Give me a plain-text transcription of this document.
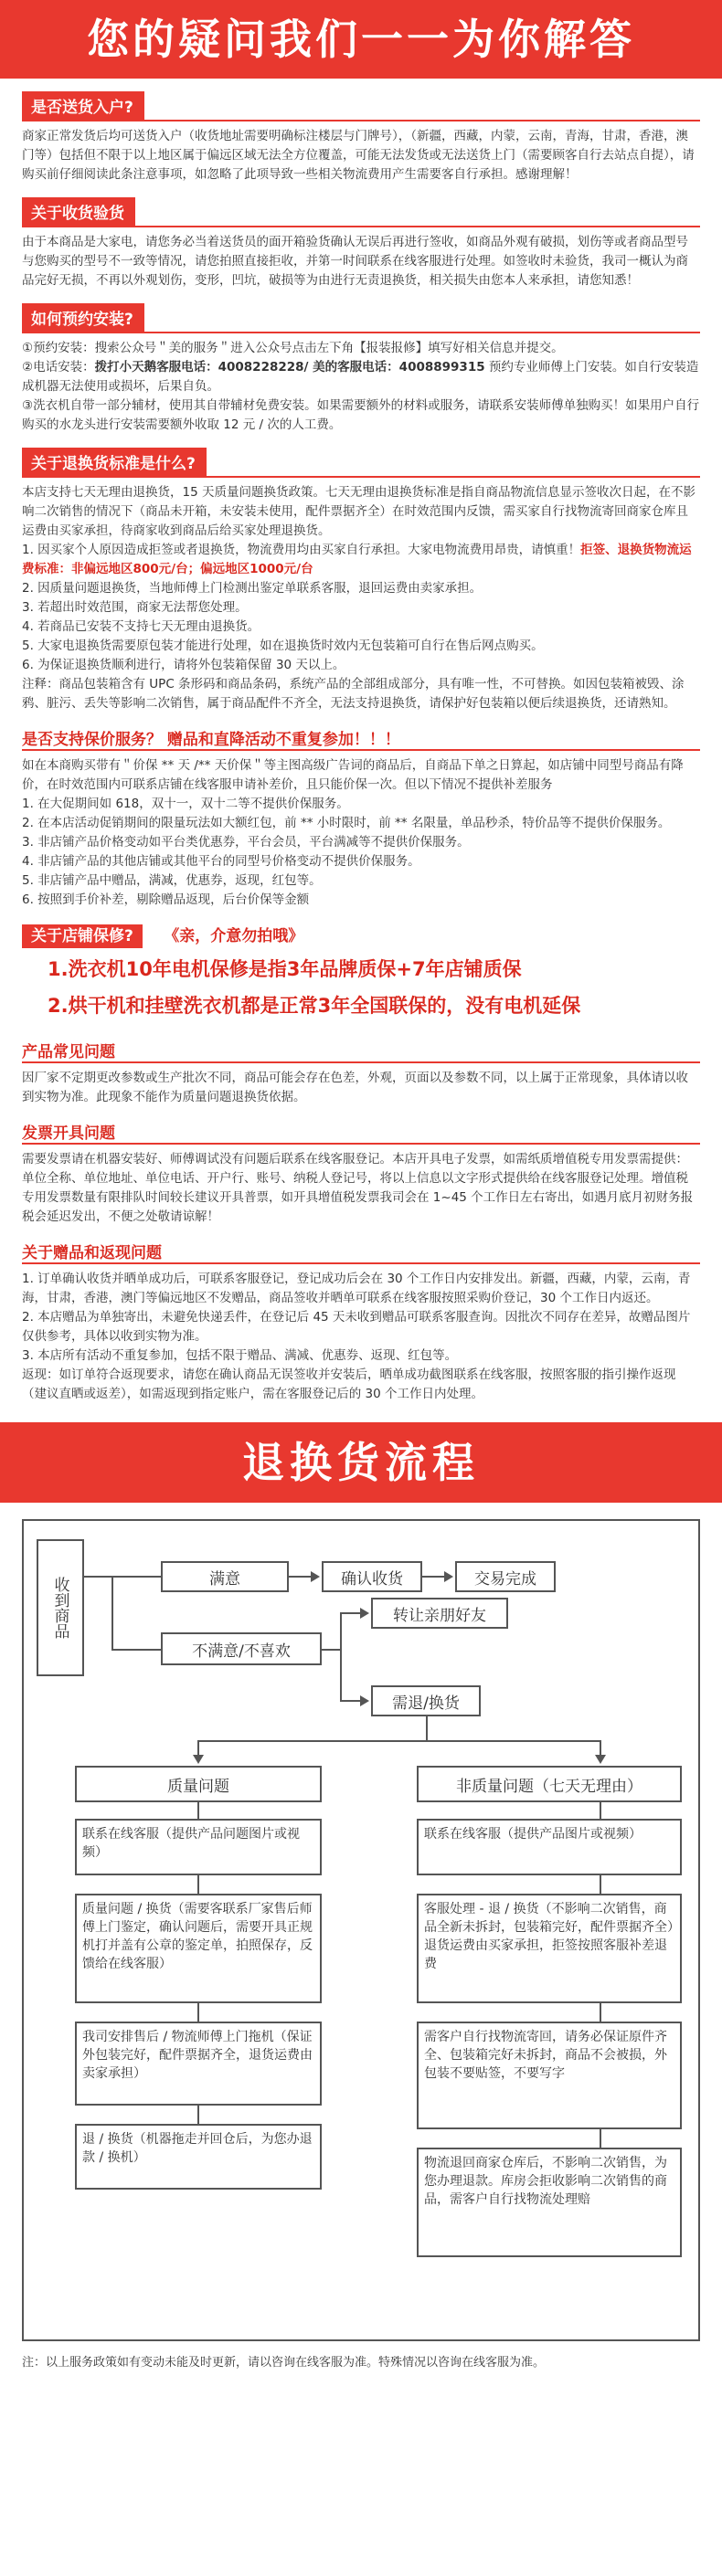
您的疑问我们一一为你解答
是否送货入户?
商家正常发货后均可送货入户（收货地址需要明确标注楼层与门牌号），（新疆，西藏，内蒙，云南，青海，甘肃，香港，澳门等）包括但不限于以上地区属于偏远区域无法全方位覆盖，可能无法发货或无法送货上门（需要顾客自行去站点自提），请购买前仔细阅读此条注意事项，如忽略了此项导致一些相关物流费用产生需要客自行承担。感谢理解！
关于收货验货
由于本商品是大家电，请您务必当着送货员的面开箱验货确认无误后再进行签收，如商品外观有破损，划伤等或者商品型号与您购买的型号不一致等情况，请您拍照直接拒收，并第一时间联系在线客服进行处理。如签收时未验货，我司一概认为商品完好无损，不再以外观划伤，变形，凹坑，破损等为由进行无责退换货，相关损失由您本人来承担，请您知悉！
如何预约安装?

①预约安装：搜索公众号＂美的服务＂进入公众号点击左下角【报装报修】填写好相关信息并提交。

②电话安装：拨打小天鹅客服电话：4008228228/ 美的客服电话：4008899315 预约专业师傅上门安装。如自行安装造成机器无法使用或损坏，后果自负。

③洗衣机自带一部分辅材，使用其自带辅材免费安装。如果需要额外的材料或服务，请联系安装师傅单独购买！如果用户自行购买的水龙头进行安装需要额外收取 12 元 / 次的人工费。

关于退换货标准是什么?

本店支持七天无理由退换货，15 天质量问题换货政策。七天无理由退换货标准是指自商品物流信息显示签收次日起，在不影响二次销售的情况下（商品未开箱，未安装未使用，配件票据齐全）在时效范围内反馈，需买家自行找物流寄回商家仓库且运费由买家承担，待商家收到商品后给买家处理退换货。

1. 因买家个人原因造成拒签或者退换货，物流费用均由买家自行承担。大家电物流费用昂贵，请慎重！拒签、退换货物流运费标准：非偏远地区800元/台；偏远地区1000元/台

2. 因质量问题退换货，当地师傅上门检测出鉴定单联系客服，退回运费由卖家承担。

3. 若超出时效范围，商家无法帮您处理。

4. 若商品已安装不支持七天无理由退换货。

5. 大家电退换货需要原包装才能进行处理，如在退换货时效内无包装箱可自行在售后网点购买。

6. 为保证退换货顺利进行，请将外包装箱保留 30 天以上。

注释：商品包装箱含有 UPC 条形码和商品条码，系统产品的全部组成部分，具有唯一性，不可替换。如因包装箱被毁、涂鸦、脏污、丢失等影响二次销售，属于商品配件不齐全，无法支持退换货，请保护好包装箱以便后续退换货，还请熟知。

是否支持保价服务？ 赠品和直降活动不重复参加！！！

如在本商购买带有＂价保 ** 天 /** 天价保＂等主图高级广告词的商品后，自商品下单之日算起，如店铺中同型号商品有降价，在时效范围内可联系店铺在线客服申请补差价，且只能价保一次。但以下情况不提供补差服务

1. 在大促期间如 618，双十一，双十二等不提供价保服务。

2. 在本店活动促销期间的限量玩法如大额红包，前 ** 小时限时，前 ** 名限量，单品秒杀，特价品等不提供价保服务。

3. 非店铺产品价格变动如平台类优惠券，平台会员，平台满减等不提供价保服务。

4. 非店铺产品的其他店铺或其他平台的同型号价格变动不提供价保服务。

5. 非店铺产品中赠品，满减，优惠券，返现，红包等。

6. 按照到手价补差，剔除赠品返现，后台价保等金额

关于店铺保修? 《亲，介意勿拍哦》
1.洗衣机10年电机保修是指3年品牌质保+7年店铺质保
2.烘干机和挂壁洗衣机都是正常3年全国联保的，没有电机延保
产品常见问题
因厂家不定期更改参数或生产批次不同，商品可能会存在色差，外观，页面以及参数不同，以上属于正常现象，具体请以收到实物为准。此现象不能作为质量问题退换货依据。
发票开具问题
需要发票请在机器安装好、师傅调试没有问题后联系在线客服登记。本店开具电子发票，如需纸质增值税专用发票需提供：单位全称、单位地址、单位电话、开户行、账号、纳税人登记号，将以上信息以文字形式提供给在线客服登记处理。增值税专用发票数量有限排队时间较长建议开具普票，如开具增值税发票我司会在 1~45 个工作日左右寄出，如遇月底月初财务报税会延迟发出，不便之处敬请谅解！
关于赠品和返现问题

1. 订单确认收货并晒单成功后，可联系客服登记，登记成功后会在 30 个工作日内安排发出。新疆，西藏，内蒙，云南，青海，甘肃，香港，澳门等偏远地区不发赠品，商品签收并晒单可联系在线客服按照采购价登记，30 个工作日内返还。

2. 本店赠品为单独寄出，未避免快递丢件，在登记后 45 天未收到赠品可联系客服查询。因批次不同存在差异，故赠品图片仅供参考，具体以收到实物为准。

3. 本店所有活动不重复参加，包括不限于赠品、满减、优惠券、返现、红包等。

返现：如订单符合返现要求，请您在确认商品无误签收并安装后，晒单成功截图联系在线客服，按照客服的指引操作返现（建议直晒或返差），如需返现到指定账户，需在客服登记后的 30 个工作日内处理。

退换货流程
收到商品	满意	确认收货	交易完成
不满意/不喜欢
转让亲朋好友
需退/换货
质量问题	非质量问题（七天无理由）
联系在线客服（提供产品问题图片或视频）
质量问题 / 换货（需要客联系厂家售后师傅上门鉴定，确认问题后，需要开具正规机打并盖有公章的鉴定单，拍照保存，反馈给在线客服）
我司安排售后 / 物流师傅上门拖机（保证外包装完好，配件票据齐全，退货运费由卖家承担）
退 / 换货（机器拖走并回仓后，为您办退款 / 换机）
联系在线客服（提供产品图片或视频）
客服处理 - 退 / 换货（不影响二次销售，商品全新未拆封，包装箱完好，配件票据齐全）退货运费由买家承担，拒签按照客服补差退费
需客户自行找物流寄回，请务必保证原件齐全、包装箱完好未拆封，商品不会被损，外包装不要贴签，不要写字
物流退回商家仓库后，不影响二次销售，为您办理退款。库房会拒收影响二次销售的商品，需客户自行找物流处理赔
注：以上服务政策如有变动未能及时更新，请以咨询在线客服为准。特殊情况以咨询在线客服为准。
